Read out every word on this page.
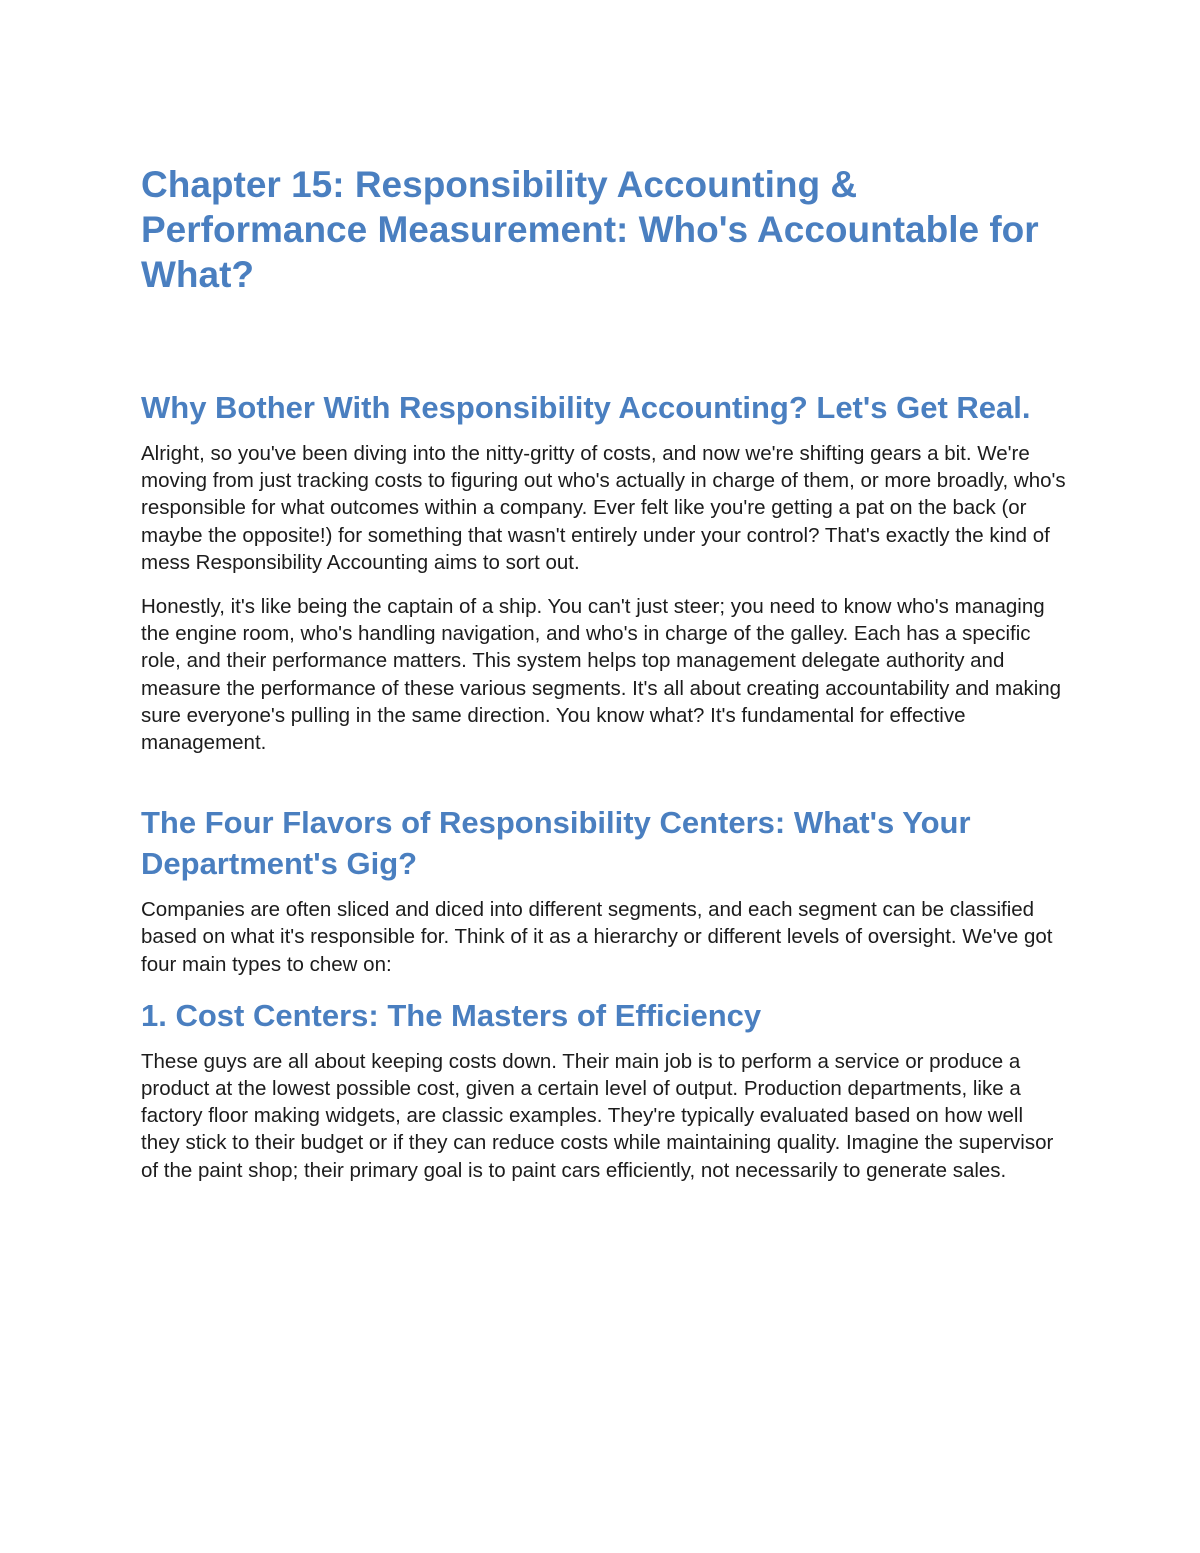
Chapter 15: Responsibility Accounting & Performance Measurement: Who's Accountable for What?
Why Bother With Responsibility Accounting? Let's Get Real.

Alright, so you've been diving into the nitty-gritty of costs, and now we're shifting gears a bit. We're moving from just tracking costs to figuring out who's actually in charge of them, or more broadly, who's responsible for what outcomes within a company. Ever felt like you're getting a pat on the back (or maybe the opposite!) for something that wasn't entirely under your control? That's exactly the kind of mess Responsibility Accounting aims to sort out.

Honestly, it's like being the captain of a ship. You can't just steer; you need to know who's managing the engine room, who's handling navigation, and who's in charge of the galley. Each has a specific role, and their performance matters. This system helps top management delegate authority and measure the performance of these various segments. It's all about creating accountability and making sure everyone's pulling in the same direction. You know what? It's fundamental for effective management.

The Four Flavors of Responsibility Centers: What's Your Department's Gig?

Companies are often sliced and diced into different segments, and each segment can be classified based on what it's responsible for. Think of it as a hierarchy or different levels of oversight. We've got four main types to chew on:

1. Cost Centers: The Masters of Efficiency

These guys are all about keeping costs down. Their main job is to perform a service or produce a product at the lowest possible cost, given a certain level of output. Production departments, like a factory floor making widgets, are classic examples. They're typically evaluated based on how well they stick to their budget or if they can reduce costs while maintaining quality. Imagine the supervisor of the paint shop; their primary goal is to paint cars efficiently, not necessarily to generate sales.
